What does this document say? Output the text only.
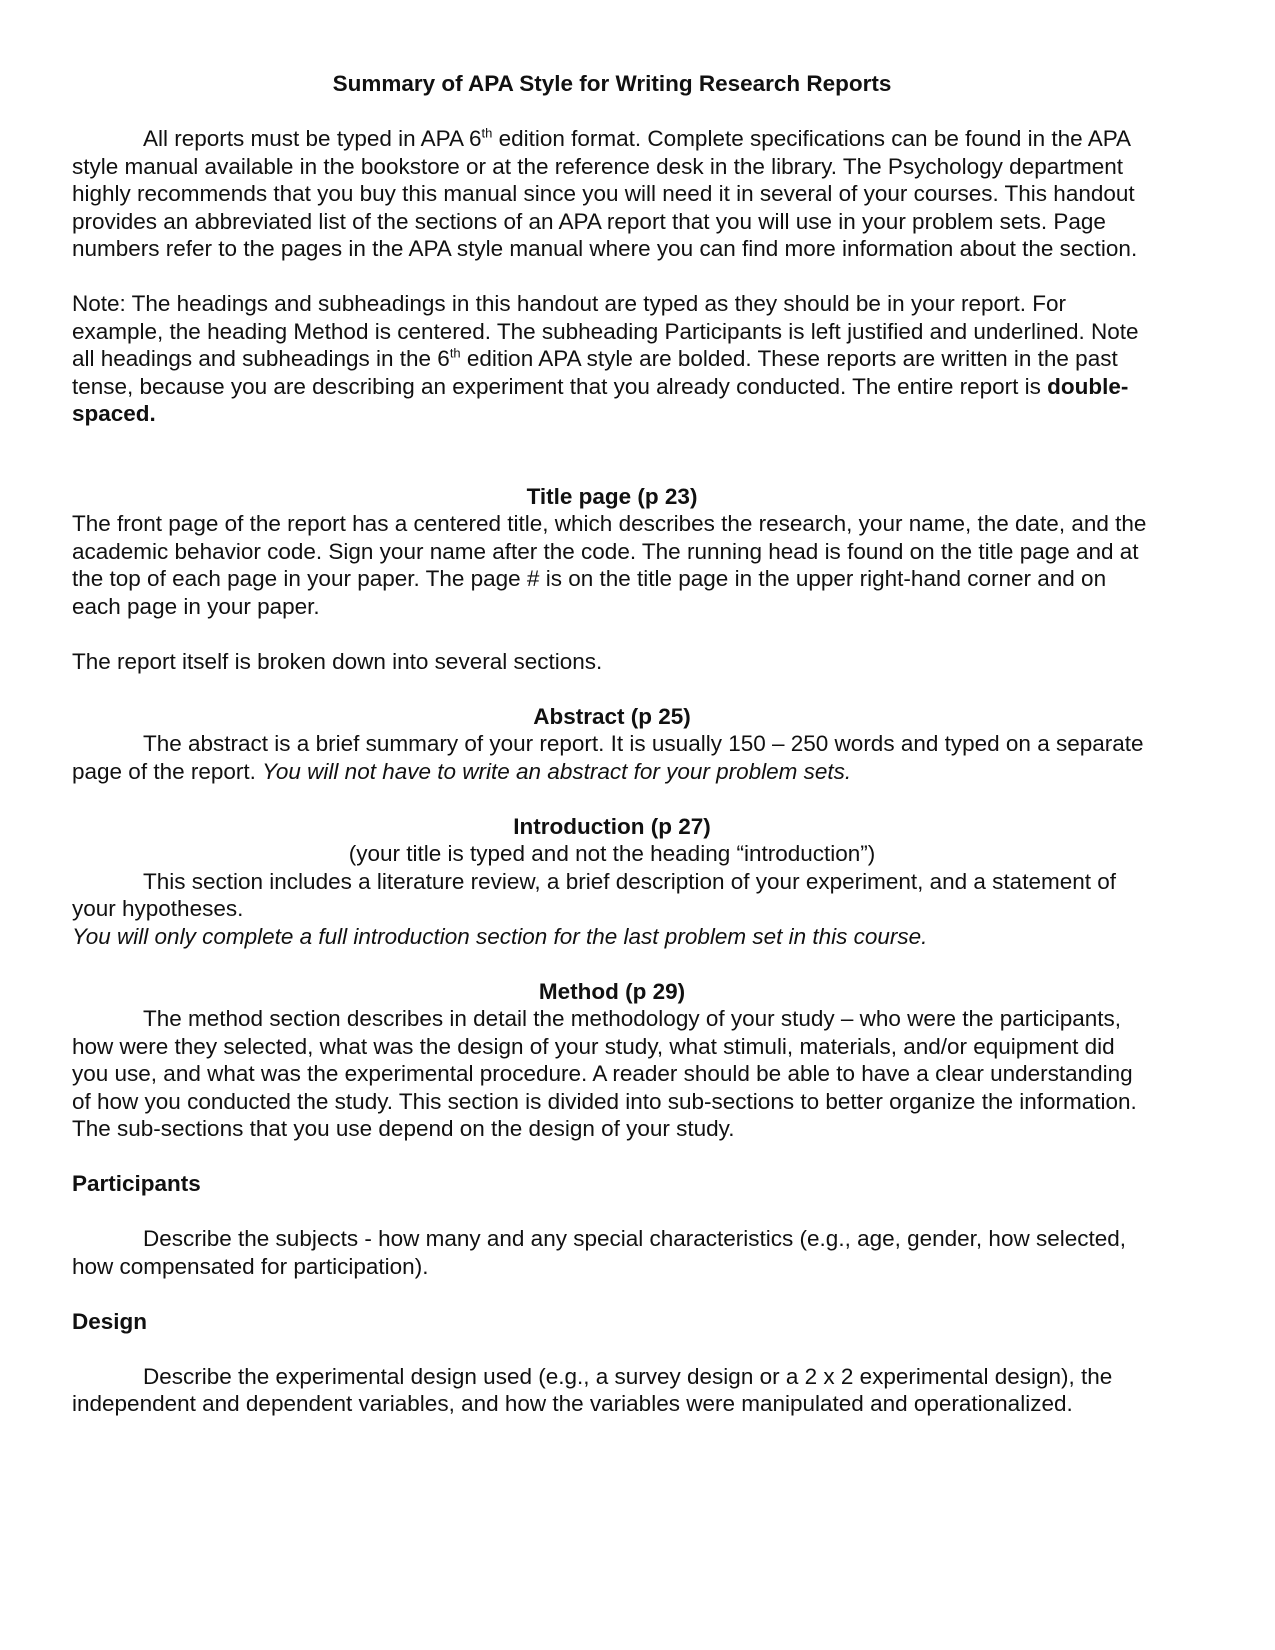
Summary of APA Style for Writing Research Reports

All reports must be typed in APA 6th edition format. Complete specifications can be found in the APA style manual available in the bookstore or at the reference desk in the library. The Psychology department highly recommends that you buy this manual since you will need it in several of your courses. This handout provides an abbreviated list of the sections of an APA report that you will use in your problem sets. Page numbers refer to the pages in the APA style manual where you can find more information about the section.

Note: The headings and subheadings in this handout are typed as they should be in your report. For example, the heading Method is centered. The subheading Participants is left justified and underlined. Note all headings and subheadings in the 6th edition APA style are bolded. These reports are written in the past tense, because you are describing an experiment that you already conducted. The entire report is double-spaced.

Title page (p 23)

The front page of the report has a centered title, which describes the research, your name, the date, and the academic behavior code. Sign your name after the code. The running head is found on the title page and at the top of each page in your paper. The page # is on the title page in the upper right-hand corner and on each page in your paper.

The report itself is broken down into several sections.

Abstract (p 25)

The abstract is a brief summary of your report. It is usually 150 – 250 words and typed on a separate page of the report. You will not have to write an abstract for your problem sets.

Introduction (p 27)

(your title is typed and not the heading “introduction”)

This section includes a literature review, a brief description of your experiment, and a statement of your hypotheses.

You will only complete a full introduction section for the last problem set in this course.

Method (p 29)

The method section describes in detail the methodology of your study – who were the participants, how were they selected, what was the design of your study, what stimuli, materials, and/or equipment did you use, and what was the experimental procedure. A reader should be able to have a clear understanding of how you conducted the study. This section is divided into sub-sections to better organize the information. The sub-sections that you use depend on the design of your study.

Participants

Describe the subjects - how many and any special characteristics (e.g., age, gender, how selected, how compensated for participation).

Design

Describe the experimental design used (e.g., a survey design or a 2 x 2 experimental design), the independent and dependent variables, and how the variables were manipulated and operationalized.
